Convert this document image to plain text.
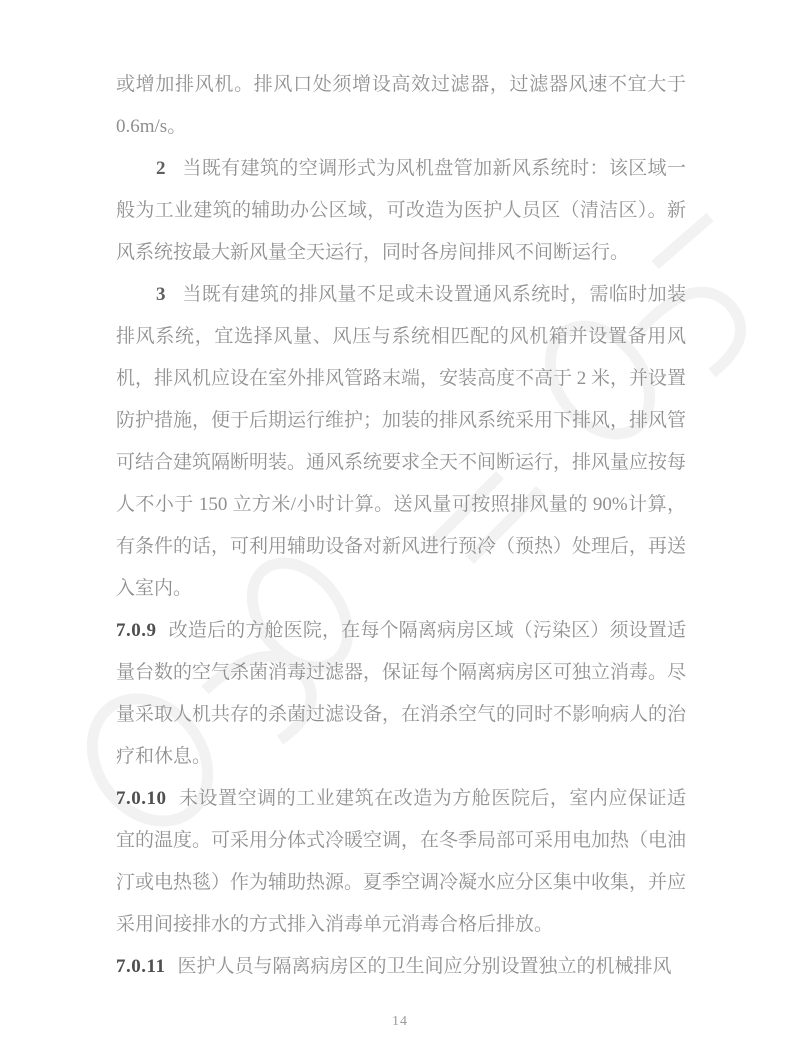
或增加排风机。排风口处须增设高效过滤器，过滤器风速不宜大于 0.6m/s。

2 当既有建筑的空调形式为风机盘管加新风系统时：该区域一般为工业建筑的辅助办公区域，可改造为医护人员区（清洁区）。新风系统按最大新风量全天运行，同时各房间排风不间断运行。

3 当既有建筑的排风量不足或未设置通风系统时，需临时加装排风系统，宜选择风量、风压与系统相匹配的风机箱并设置备用风机，排风机应设在室外排风管路末端，安装高度不高于 2 米，并设置防护措施，便于后期运行维护；加装的排风系统采用下排风，排风管可结合建筑隔断明装。通风系统要求全天不间断运行，排风量应按每人不小于 150 立方米/小时计算。送风量可按照排风量的 90%计算，有条件的话，可利用辅助设备对新风进行预冷（预热）处理后，再送入室内。

7.0.9 改造后的方舱医院，在每个隔离病房区域（污染区）须设置适量台数的空气杀菌消毒过滤器，保证每个隔离病房区可独立消毒。尽量采取人机共存的杀菌过滤设备，在消杀空气的同时不影响病人的治疗和休息。

7.0.10 未设置空调的工业建筑在改造为方舱医院后，室内应保证适宜的温度。可采用分体式冷暖空调，在冬季局部可采用电加热（电油汀或电热毯）作为辅助热源。夏季空调冷凝水应分区集中收集，并应采用间接排水的方式排入消毒单元消毒合格后排放。

7.0.11 医护人员与隔离病房区的卫生间应分别设置独立的机械排风

14
